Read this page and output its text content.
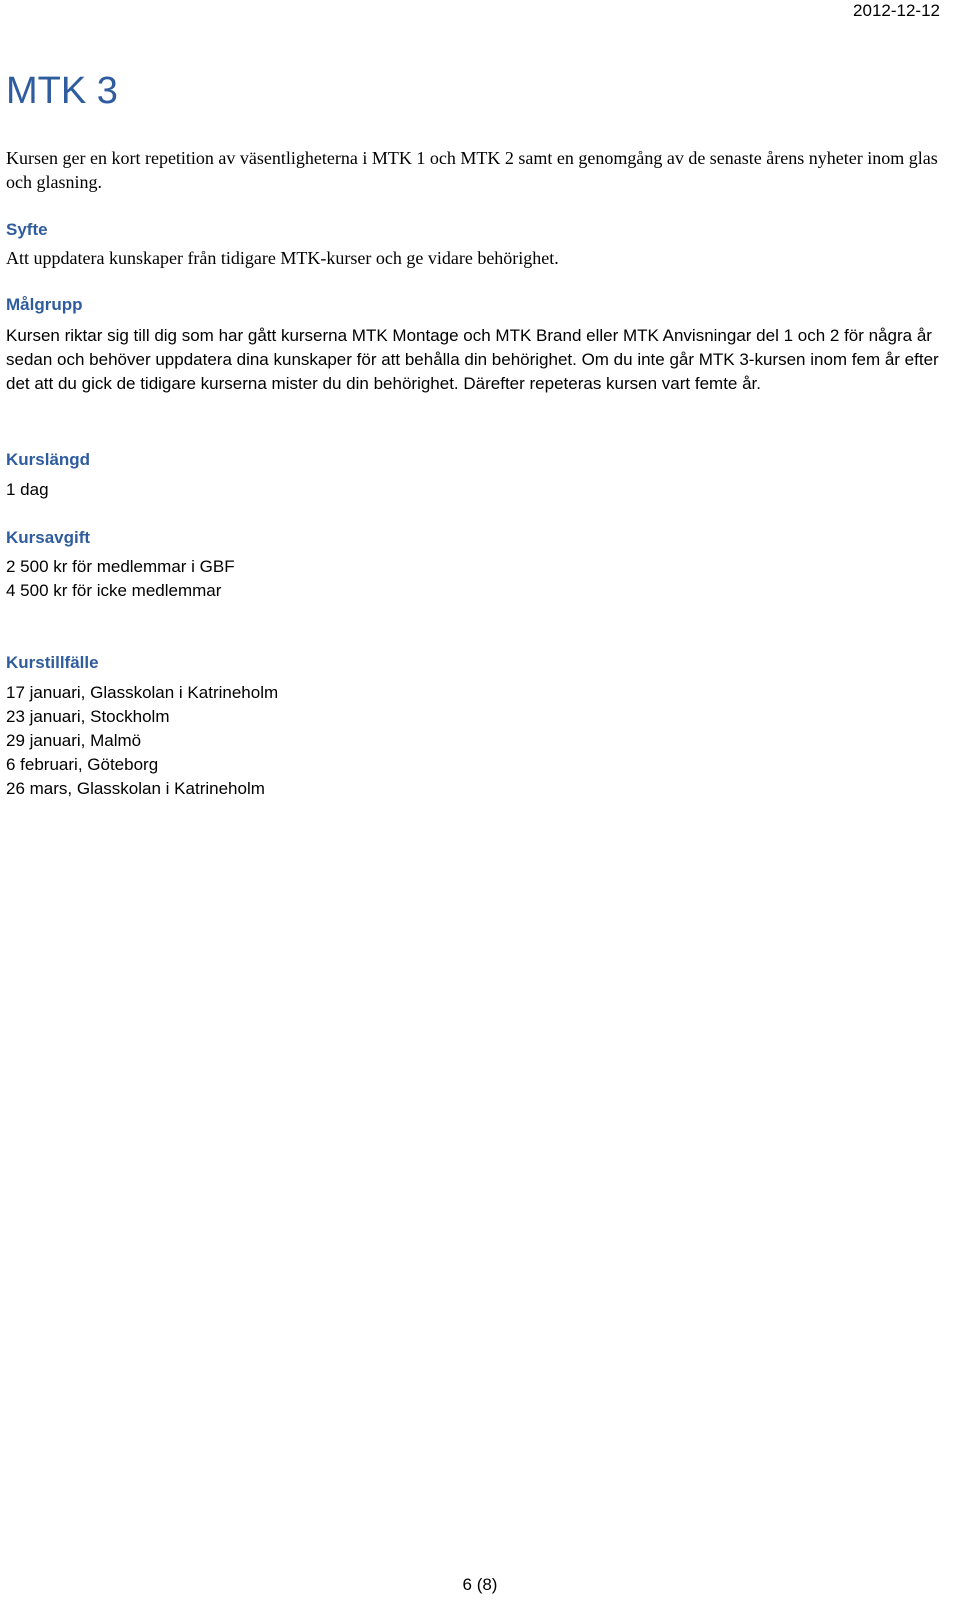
2012-12-12
MTK 3

Kursen ger en kort repetition av väsentligheterna i MTK 1 och MTK 2 samt en genomgång av de senaste årens nyheter inom glas och glasning.

Syfte

Att uppdatera kunskaper från tidigare MTK-kurser och ge vidare behörighet.

Målgrupp

Kursen riktar sig till dig som har gått kurserna MTK Montage och MTK Brand eller MTK Anvisningar del 1 och 2 för några år sedan och behöver uppdatera dina kunskaper för att behålla din behörighet. Om du inte går MTK 3-kursen inom fem år efter det att du gick de tidigare kurserna mister du din behörighet. Därefter repeteras kursen vart femte år.

Kurslängd

1 dag

Kursavgift
2 500 kr för medlemmar i GBF
4 500 kr för icke medlemmar
Kurstillfälle
17 januari, Glasskolan i Katrineholm
23 januari, Stockholm
29 januari, Malmö
6 februari, Göteborg
26 mars, Glasskolan i Katrineholm
6 (8)
